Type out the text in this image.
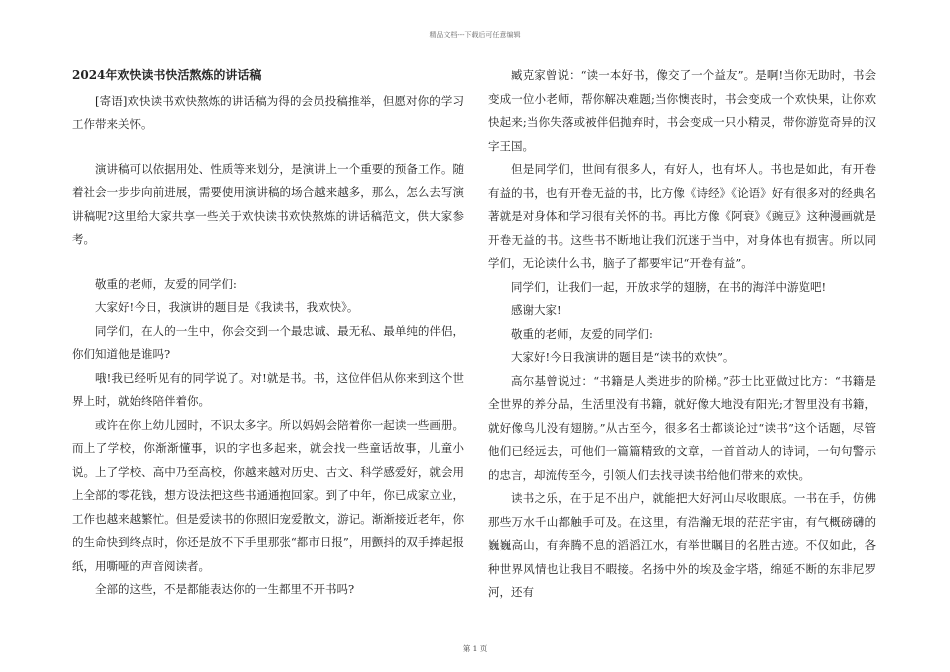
精品文档---下载后可任意编辑
2024年欢快读书快活熬炼的讲话稿

[寄语]欢快读书欢快熬炼的讲话稿为得的会员投稿推举，但愿对你的学习工作带来关怀。

演讲稿可以依据用处、性质等来划分，是演讲上一个重要的预备工作。随着社会一步步向前进展，需要使用演讲稿的场合越来越多，那么，怎么去写演讲稿呢?这里给大家共享一些关于欢快读书欢快熬炼的讲话稿范文，供大家参考。

敬重的老师，友爱的同学们:

大家好!今日，我演讲的题目是《我读书，我欢快》。

同学们，在人的一生中，你会交到一个最忠诚、最无私、最单纯的伴侣，你们知道他是谁吗?

哦!我已经听见有的同学说了。对!就是书。书，这位伴侣从你来到这个世界上时，就始终陪伴着你。

或许在你上幼儿园时，不识太多字。所以妈妈会陪着你一起读一些画册。而上了学校，你渐渐懂事，识的字也多起来，就会找一些童话故事，儿童小说。上了学校、高中乃至高校，你越来越对历史、古文、科学感爱好，就会用上全部的零花钱，想方设法把这些书通通抱回家。到了中年，你已成家立业，工作也越来越繁忙。但是爱读书的你照旧宠爱散文，游记。渐渐接近老年，你的生命快到终点时，你还是放不下手里那张“都市日报”，用颤抖的双手捧起报纸，用嘶哑的声音阅读者。

全部的这些，不是都能表达你的一生都里不开书吗?

臧克家曾说：“读一本好书，像交了一个益友”。是啊!当你无助时，书会变成一位小老师，帮你解决难题;当你懊丧时，书会变成一个欢快果，让你欢快起来;当你失落或被伴侣抛弃时，书会变成一只小精灵，带你游览奇异的汉字王国。

但是同学们，世间有很多人，有好人，也有坏人。书也是如此，有开卷有益的书，也有开卷无益的书，比方像《诗经》《论语》好有很多对的经典名著就是对身体和学习很有关怀的书。再比方像《阿衰》《豌豆》这种漫画就是开卷无益的书。这些书不断地让我们沉迷于当中，对身体也有损害。所以同学们，无论读什么书，脑子了都要牢记“开卷有益”。

同学们，让我们一起，开放求学的翅膀，在书的海洋中游览吧!

感谢大家!

敬重的老师，友爱的同学们:

大家好!今日我演讲的题目是“读书的欢快”。

高尔基曾说过：“书籍是人类进步的阶梯。”莎士比亚做过比方：“书籍是全世界的养分品，生活里没有书籍，就好像大地没有阳光;才智里没有书籍，就好像鸟儿没有翅膀。”从古至今，很多名士都谈论过“读书”这个话题，尽管他们已经远去，可他们一篇篇精致的文章，一首首动人的诗词，一句句警示的忠言，却流传至今，引领人们去找寻读书给他们带来的欢快。

读书之乐，在于足不出户，就能把大好河山尽收眼底。一书在手，仿佛那些万水千山都触手可及。在这里，有浩瀚无垠的茫茫宇宙，有气概磅礴的巍巍高山，有奔腾不息的滔滔江水，有举世瞩目的名胜古迹。不仅如此，各种世界风情也让我目不暇接。名扬中外的埃及金字塔，绵延不断的东非尼罗河，还有

第 1 页
